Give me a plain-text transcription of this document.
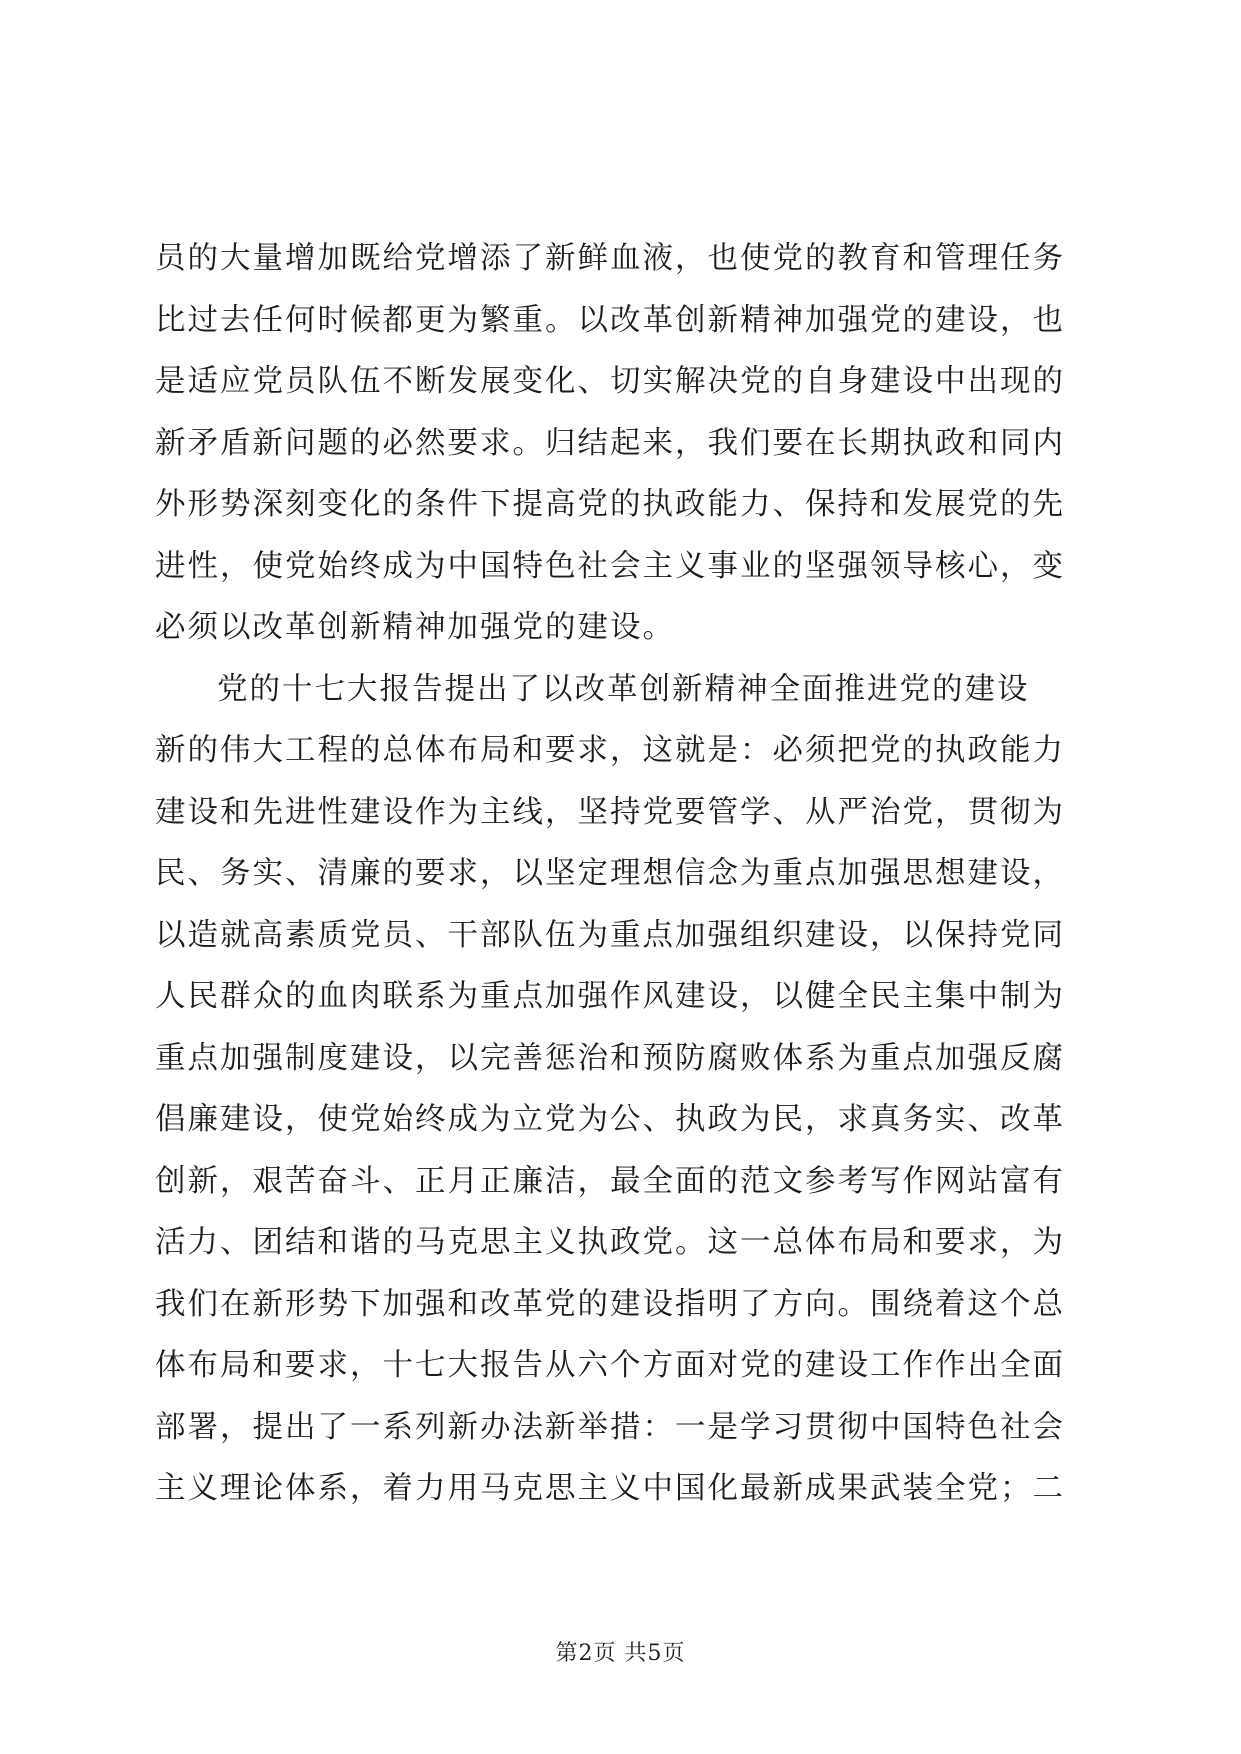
员的大量增加既给党增添了新鲜血液，也使党的教育和管理任务
比过去任何时候都更为繁重。以改革创新精神加强党的建设，也
是适应党员队伍不断发展变化、切实解决党的自身建设中出现的
新矛盾新问题的必然要求。归结起来，我们要在长期执政和同内
外形势深刻变化的条件下提高党的执政能力、保持和发展党的先
进性，使党始终成为中国特色社会主义事业的坚强领导核心，变
必须以改革创新精神加强党的建设。
党的十七大报告提出了以改革创新精神全面推进党的建设
新的伟大工程的总体布局和要求，这就是：必须把党的执政能力
建设和先进性建设作为主线，坚持党要管学、从严治党，贯彻为
民、务实、清廉的要求，以坚定理想信念为重点加强思想建设，
以造就高素质党员、干部队伍为重点加强组织建设，以保持党同
人民群众的血肉联系为重点加强作风建设，以健全民主集中制为
重点加强制度建设，以完善惩治和预防腐败体系为重点加强反腐
倡廉建设，使党始终成为立党为公、执政为民，求真务实、改革
创新，艰苦奋斗、正月正廉洁，最全面的范文参考写作网站富有
活力、团结和谐的马克思主义执政党。这一总体布局和要求，为
我们在新形势下加强和改革党的建设指明了方向。围绕着这个总
体布局和要求，十七大报告从六个方面对党的建设工作作出全面
部署，提出了一系列新办法新举措：一是学习贯彻中国特色社会
主义理论体系，着力用马克思主义中国化最新成果武装全党；二
第2页 共5页
